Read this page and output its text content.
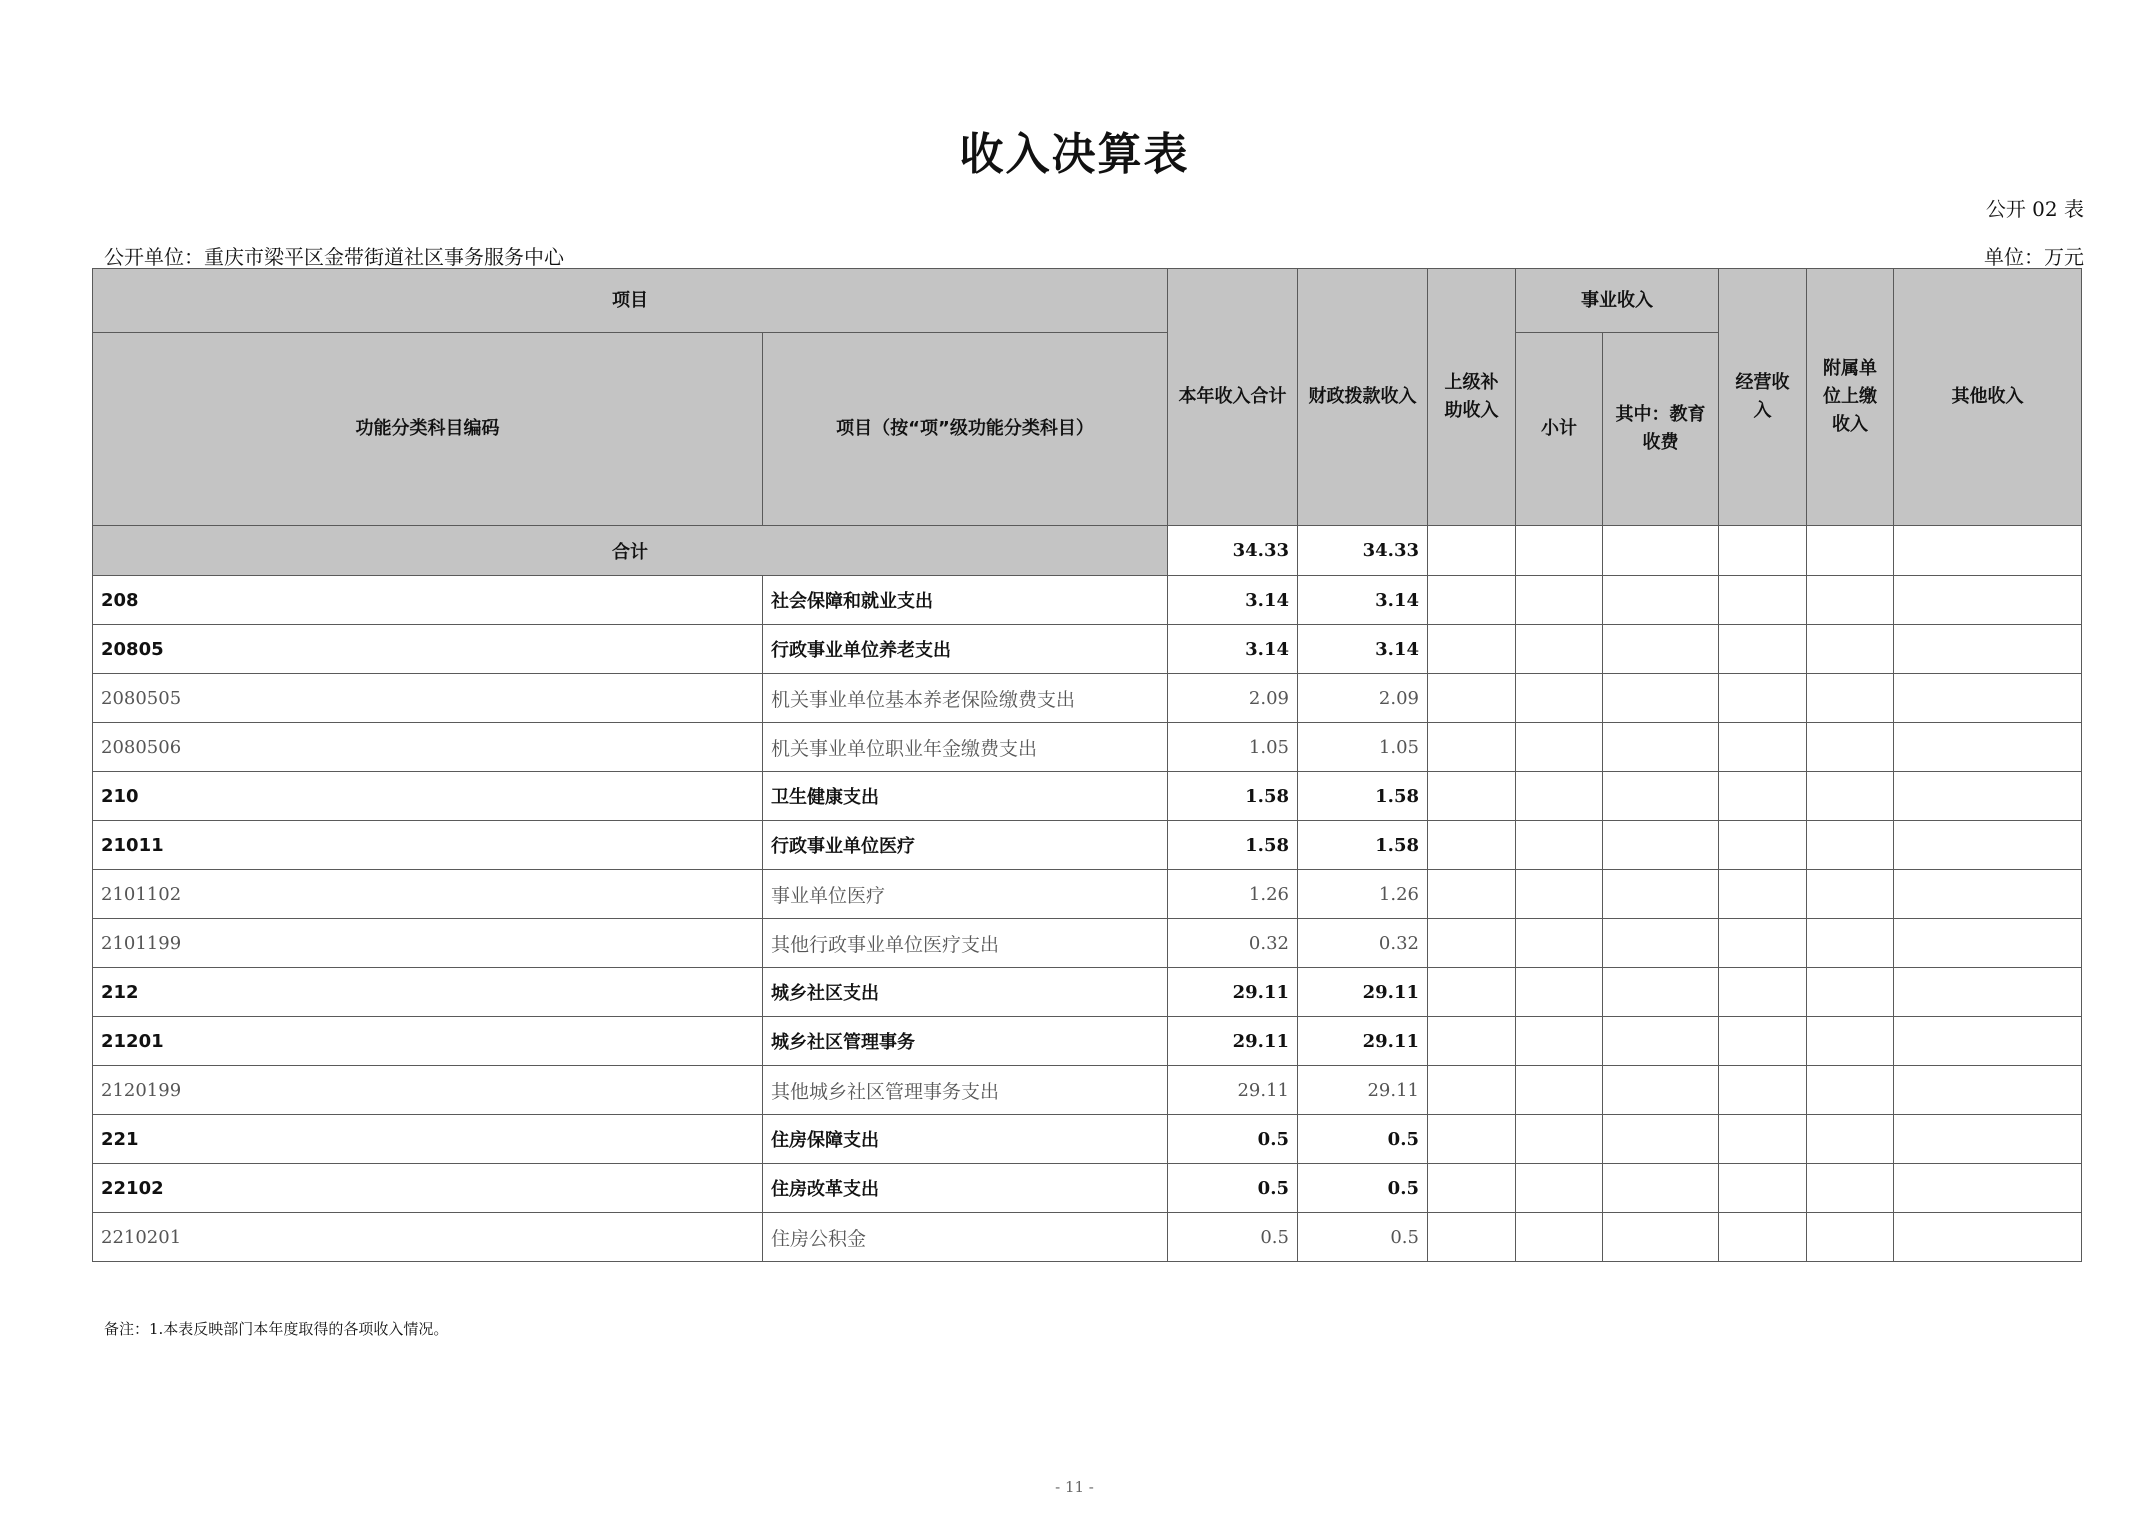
收入决算表
公开 02 表
公开单位：重庆市梁平区金带街道社区事务服务中心	单位：万元
项目		本年收入合计	财政拨款收入	上级补助收入	事业收入		经营收入	附属单位上缴收入	其他收入
功能分类科目编码	项目（按“项”级功能分类科目）				小计	其中：教育收费			
合计		34.33	34.33						
208	社会保障和就业支出	3.14	3.14						
20805	行政事业单位养老支出	3.14	3.14						
2080505	机关事业单位基本养老保险缴费支出	2.09	2.09						
2080506	机关事业单位职业年金缴费支出	1.05	1.05						
210	卫生健康支出	1.58	1.58						
21011	行政事业单位医疗	1.58	1.58						
2101102	事业单位医疗	1.26	1.26						
2101199	其他行政事业单位医疗支出	0.32	0.32						
212	城乡社区支出	29.11	29.11						
21201	城乡社区管理事务	29.11	29.11						
2120199	其他城乡社区管理事务支出	29.11	29.11						
221	住房保障支出	0.5	0.5						
22102	住房改革支出	0.5	0.5						
2210201	住房公积金	0.5	0.5						
备注：1.本表反映部门本年度取得的各项收入情况。
- 11 -
